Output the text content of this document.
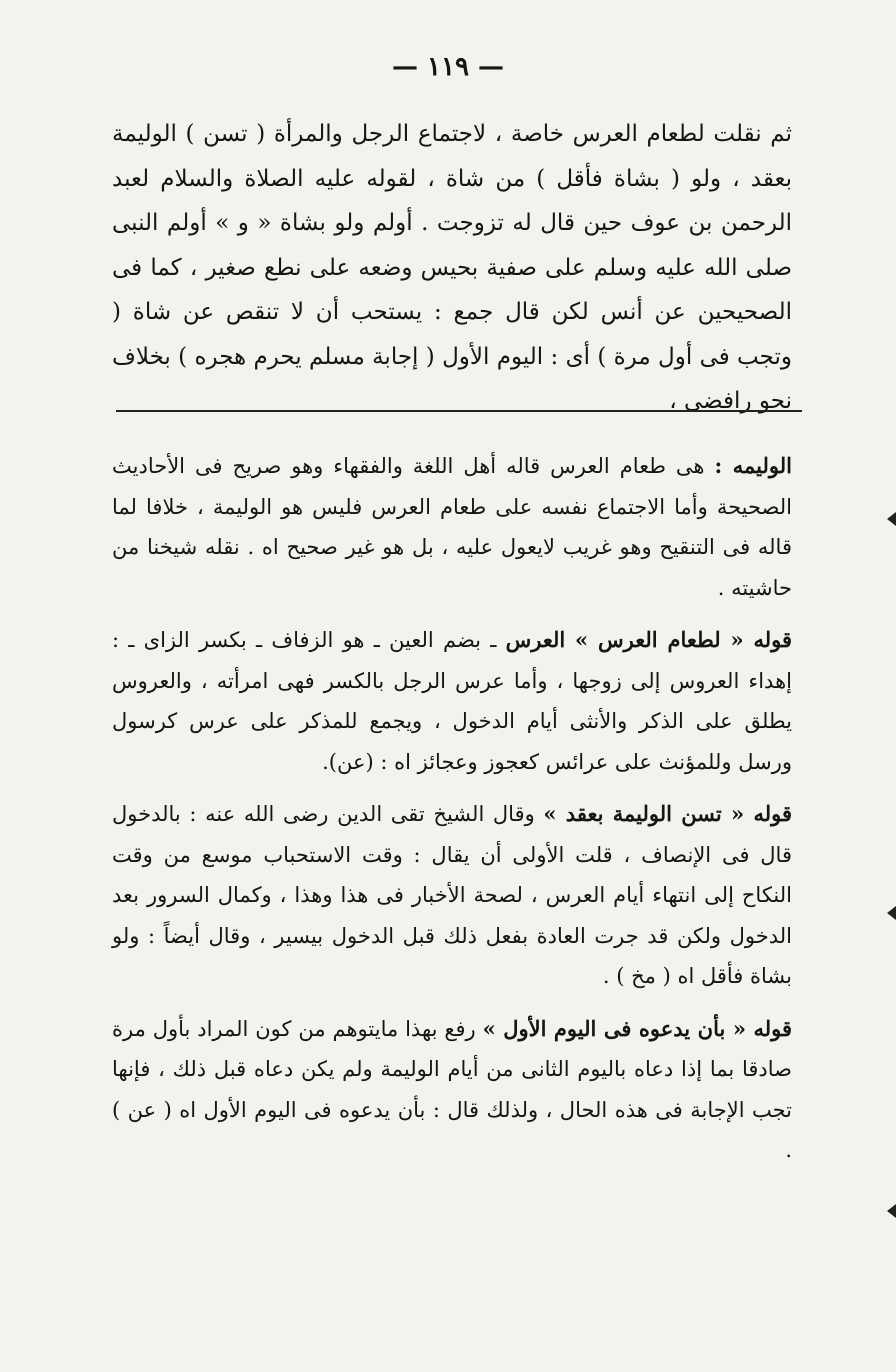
— ١١٩ —

ثم نقلت لطعام العرس خاصة ، لاجتماع الرجل والمرأة ( تسن ) الوليمة بعقد ، ولو ( بشاة فأقل ) من شاة ، لقوله عليه الصلاة والسلام لعبد الرحمن بن عوف حين قال له تزوجت . أولم ولو بشاة « و » أولم النبى صلى الله عليه وسلم على صفية بحيس وضعه على نطع صغير ، كما فى الصحيحين عن أنس لكن قال جمع : يستحب أن لا تنقص عن شاة ( وتجب فى أول مرة ) أى : اليوم الأول ( إجابة مسلم يحرم هجره ) بخلاف نحو رافضى ،

الوليمه : هى طعام العرس قاله أهل اللغة والفقهاء وهو صريح فى الأحاديث الصحيحة وأما الاجتماع نفسه على طعام العرس فليس هو الوليمة ، خلافا لما قاله فى التنقيح وهو غريب لايعول عليه ، بل هو غير صحيح اه . نقله شيخنا من حاشيته .

قوله « لطعام العرس » العرس ـ بضم العين ـ هو الزفاف ـ بكسر الزاى ـ : إهداء العروس إلى زوجها ، وأما عرس الرجل بالكسر فهى امرأته ، والعروس يطلق على الذكر والأنثى أيام الدخول ، ويجمع للمذكر على عرس كرسول ورسل وللمؤنث على عرائس كعجوز وعجائز اه : (عن).

قوله « تسن الوليمة بعقد » وقال الشيخ تقى الدين رضى الله عنه : بالدخول قال فى الإنصاف ، قلت الأولى أن يقال : وقت الاستحباب موسع من وقت النكاح إلى انتهاء أيام العرس ، لصحة الأخبار فى هذا وهذا ، وكمال السرور بعد الدخول ولكن قد جرت العادة بفعل ذلك قبل الدخول بيسير ، وقال أيضاً : ولو بشاة فأقل اه ( مخ ) .

قوله « بأن يدعوه فى اليوم الأول » رفع بهذا مايتوهم من كون المراد بأول مرة صادقا بما إذا دعاه باليوم الثانى من أيام الوليمة ولم يكن دعاه قبل ذلك ، فإنها تجب الإجابة فى هذه الحال ، ولذلك قال : بأن يدعوه فى اليوم الأول اه ( عن ) .
